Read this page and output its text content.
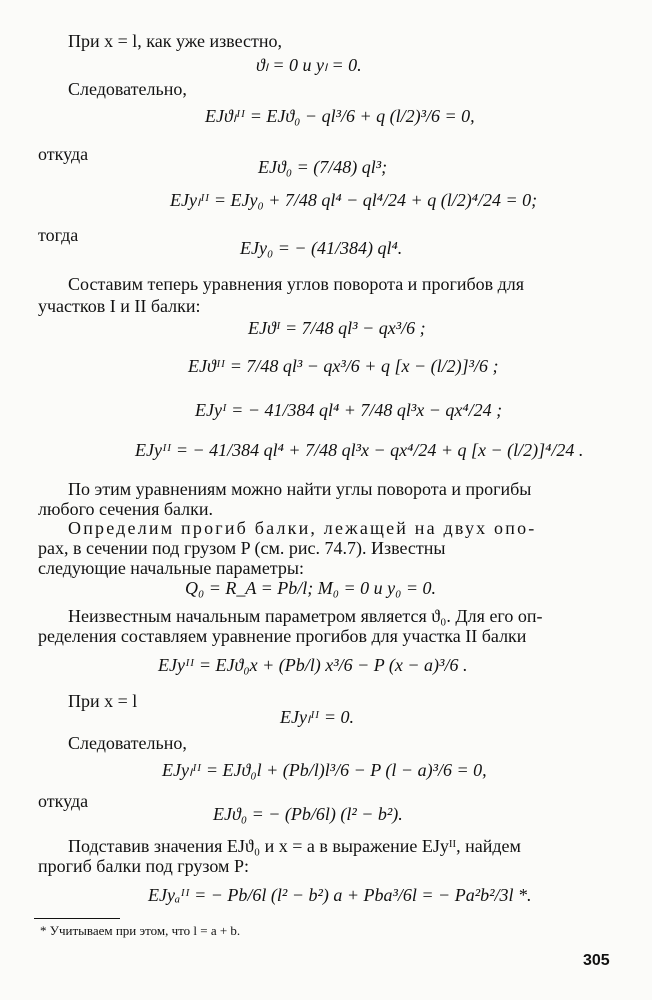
При x = l, как уже известно,
ϑₗ = 0 и yₗ = 0.
Следовательно,
EJϑₗᴵᴵ = EJϑ₀ − ql³/6 + q (l/2)³/6 = 0,
откуда
EJϑ₀ = (7/48) ql³;
EJyₗᴵᴵ = EJy₀ + 7/48 ql⁴ − ql⁴/24 + q (l/2)⁴/24 = 0;
тогда
EJy₀ = − (41/384) ql⁴.
Составим теперь уравнения углов поворота и прогибов для
участков I и II балки:
EJϑᴵ = 7/48 ql³ − qx³/6 ;
EJϑᴵᴵ = 7/48 ql³ − qx³/6 + q [x − (l/2)]³/6 ;
EJyᴵ = − 41/384 ql⁴ + 7/48 ql³x − qx⁴/24 ;
EJyᴵᴵ = − 41/384 ql⁴ + 7/48 ql³x − qx⁴/24 + q [x − (l/2)]⁴/24 .
По этим уравнениям можно найти углы поворота и прогибы
любого сечения балки.
Определим прогиб балки, лежащей на двух опо-
рах, в сечении под грузом P (см. рис. 74.7). Известны
следующие начальные параметры:
Q₀ = R_A = Pb/l; M₀ = 0 и y₀ = 0.
Неизвестным начальным параметром является ϑ₀. Для его оп-
ределения составляем уравнение прогибов для участка II балки
EJyᴵᴵ = EJϑ₀x + (Pb/l) x³/6 − P (x − a)³/6 .
При x = l
EJyₗᴵᴵ = 0.
Следовательно,
EJyₗᴵᴵ = EJϑ₀l + (Pb/l)l³/6 − P (l − a)³/6 = 0,
откуда
EJϑ₀ = − (Pb/6l) (l² − b²).
Подставив значения EJϑ₀ и x = a в выражение EJyᴵᴵ, найдем
прогиб балки под грузом P:
EJyₐᴵᴵ = − Pb/6l (l² − b²) a + Pba³/6l = − Pa²b²/3l *.
* Учитываем при этом, что l = a + b.
305
